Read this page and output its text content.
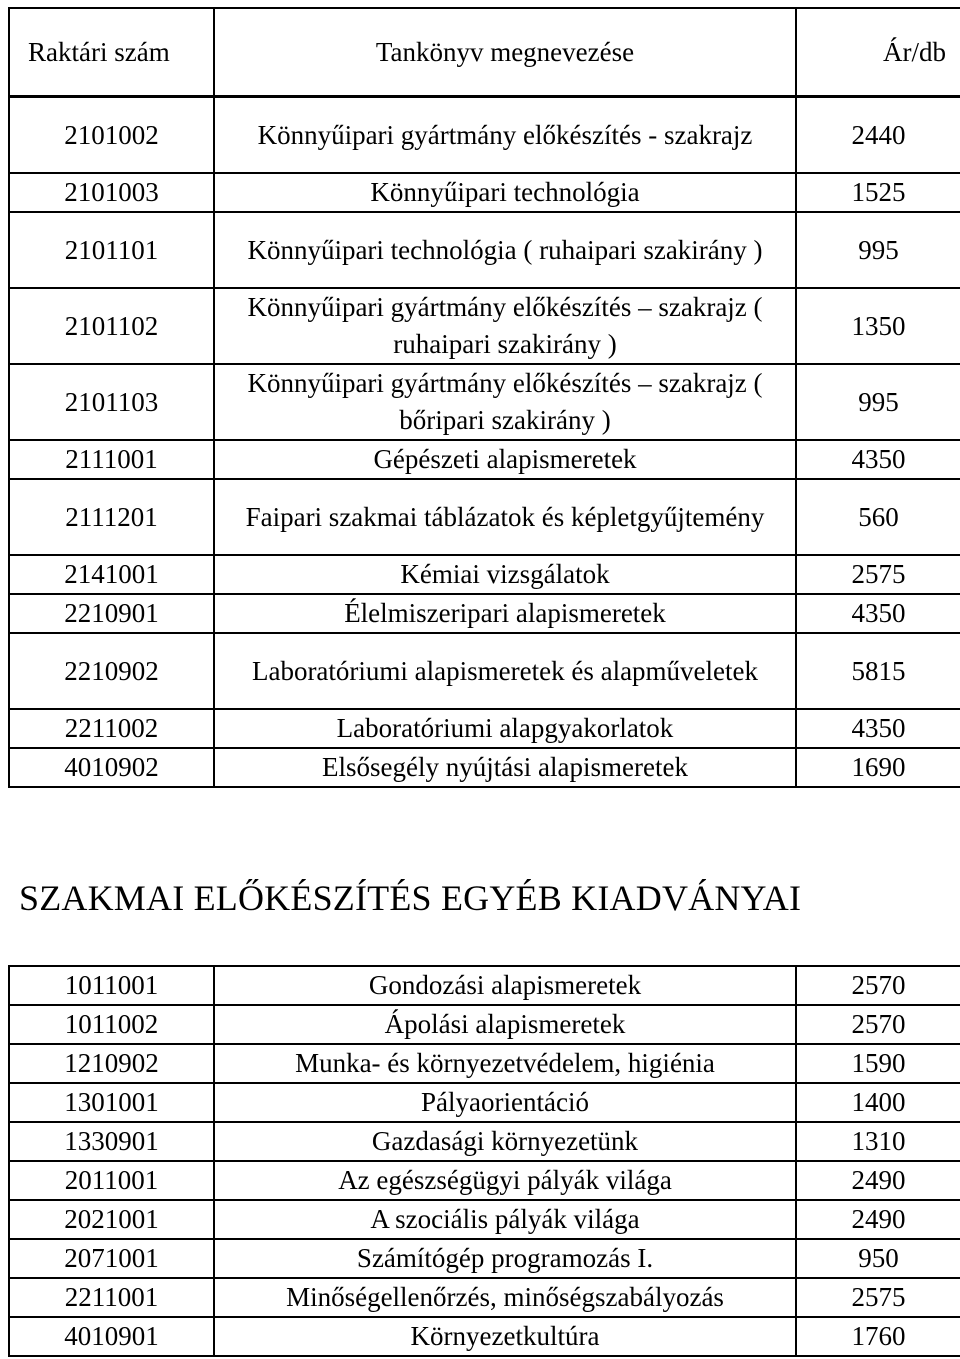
Raktári szám	Tankönyv megnevezése	Ár/db
2101002	Könnyűipari gyártmány előkészítés - szakrajz	2440
2101003	Könnyűipari technológia	1525
2101101	Könnyűipari technológia ( ruhaipari szakirány )	995
2101102	Könnyűipari gyártmány előkészítés – szakrajz ( ruhaipari szakirány )	1350
2101103	Könnyűipari gyártmány előkészítés – szakrajz ( bőripari szakirány )	995
2111001	Gépészeti alapismeretek	4350
2111201	Faipari szakmai táblázatok és képletgyűjtemény	560
2141001	Kémiai vizsgálatok	2575
2210901	Élelmiszeripari alapismeretek	4350
2210902	Laboratóriumi alapismeretek és alapműveletek	5815
2211002	Laboratóriumi alapgyakorlatok	4350
4010902	Elsősegély nyújtási alapismeretek	1690
SZAKMAI ELŐKÉSZÍTÉS EGYÉB KIADVÁNYAI
1011001	Gondozási alapismeretek	2570
1011002	Ápolási alapismeretek	2570
1210902	Munka- és környezetvédelem, higiénia	1590
1301001	Pályaorientáció	1400
1330901	Gazdasági környezetünk	1310
2011001	Az egészségügyi pályák világa	2490
2021001	A szociális pályák világa	2490
2071001	Számítógép programozás I.	950
2211001	Minőségellenőrzés, minőségszabályozás	2575
4010901	Környezetkultúra	1760
